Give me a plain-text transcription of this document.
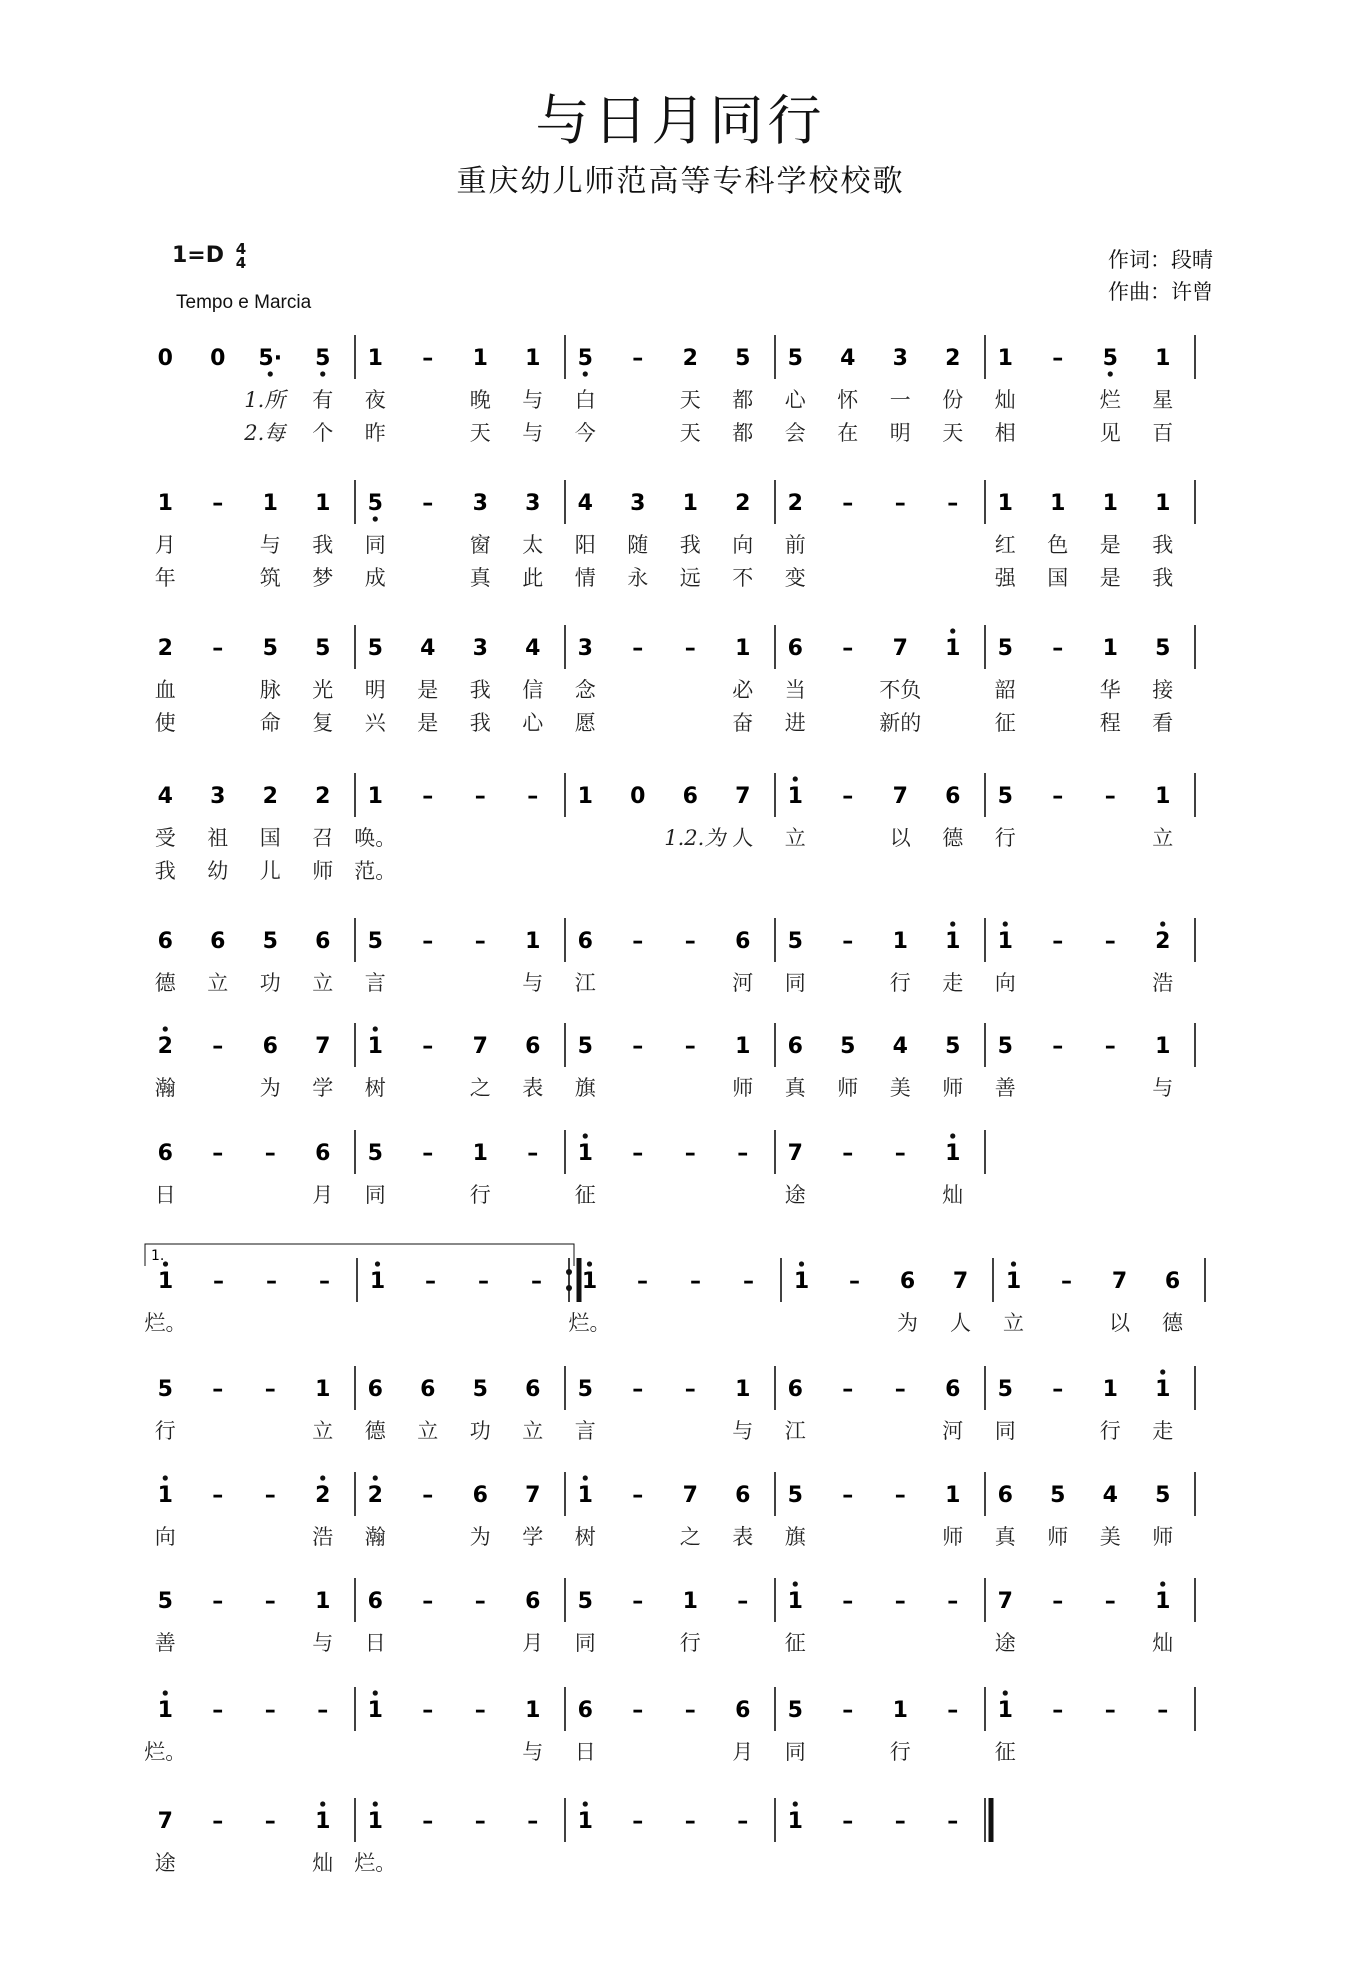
与日月同行
重庆幼儿师范高等专科学校校歌
1=D 4
4
Tempo e Marcia
作词：段晴
作曲：许曾
0 0 5·
1.所
2.每
5
有
个
1
夜
昨
– 1
晚
天
1
与
与
5
白
今
– 2
天
天
5
都
都
5
心
会
4
怀
在
3
一
明
2
份
天
1
灿
相
– 5
烂
见
1
星
百
1
月
年
– 1
与
筑
1
我
梦
5
同
成
– 3
窗
真
3
太
此
4
阳
情
3
随
永
1
我
远
2
向
不
2
前
变
– – – 1
红
强
1
色
国
1
是
是
1
我
我
2
血
使
– 5
脉
命
5
光
复
5
明
兴
4
是
是
3
我
我
4
信
心
3
念
愿
– – 1
必
奋
6
当
进
– 7
不负
新的
1 5
韶
征
– 1
华
程
5
接
看
4
受
我
3
祖
幼
2
国
儿
2
召
师
1
唤。
范。
– – – 1 0 6
1.2.为
7
人
1
立
– 7
以
6
德
5
行
– – 1
立
6
德
6
立
5
功
6
立
5
言
– – 1
与
6
江
– – 6
河
5
同
– 1
行
1
走
1
向
– – 2
浩
2
瀚
– 6
为
7
学
1
树
– 7
之
6
表
5
旗
– – 1
师
6
真
5
师
4
美
5
师
5
善
– – 1
与
6
日
– – 6
月
5
同
– 1
行
– 1
征
– – – 7
途
– – 1
灿
1
烂。
– – – 1 – – – 1
烂。
– – – 1 – 6
为
7
人
1
立
– 7
以
6
德
1.
5
行
– – 1
立
6
德
6
立
5
功
6
立
5
言
– – 1
与
6
江
– – 6
河
5
同
– 1
行
1
走
1
向
– – 2
浩
2
瀚
– 6
为
7
学
1
树
– 7
之
6
表
5
旗
– – 1
师
6
真
5
师
4
美
5
师
5
善
– – 1
与
6
日
– – 6
月
5
同
– 1
行
– 1
征
– – – 7
途
– – 1
灿
1
烂。
– – – 1 – – 1
与
6
日
– – 6
月
5
同
– 1
行
– 1
征
– – –
7
途
– – 1
灿
1
烂。
– – – 1 – – – 1 – – –
